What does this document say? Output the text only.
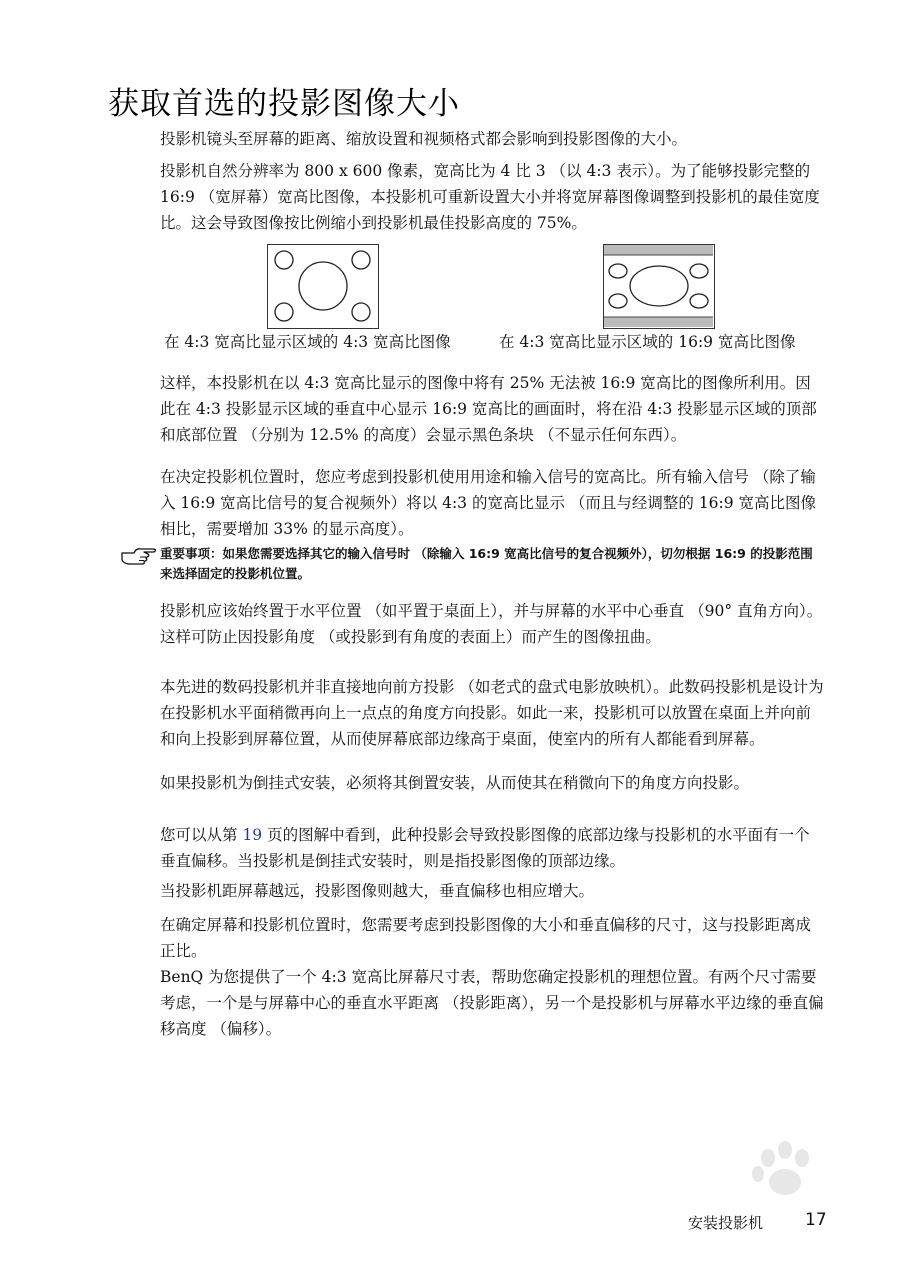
获取首选的投影图像大小

投影机镜头至屏幕的距离、缩放设置和视频格式都会影响到投影图像的大小。

投影机自然分辨率为 800 x 600 像素，宽高比为 4 比 3 （以 4:3 表示）。为了能够投影完整的 16:9 （宽屏幕）宽高比图像，本投影机可重新设置大小并将宽屏幕图像调整到投影机的最佳宽度比。这会导致图像按比例缩小到投影机最佳投影高度的 75%。

在 4:3 宽高比显示区域的 4:3 宽高比图像	在 4:3 宽高比显示区域的 16:9 宽高比图像

这样，本投影机在以 4:3 宽高比显示的图像中将有 25% 无法被 16:9 宽高比的图像所利用。因此在 4:3 投影显示区域的垂直中心显示 16:9 宽高比的画面时，将在沿 4:3 投影显示区域的顶部和底部位置 （分别为 12.5% 的高度）会显示黑色条块 （不显示任何东西）。

在决定投影机位置时，您应考虑到投影机使用用途和输入信号的宽高比。所有输入信号 （除了输入 16:9 宽高比信号的复合视频外）将以 4:3 的宽高比显示 （而且与经调整的 16:9 宽高比图像相比，需要增加 33% 的显示高度）。

重要事项：如果您需要选择其它的输入信号时 （除输入 16:9 宽高比信号的复合视频外），切勿根据 16:9 的投影范围来选择固定的投影机位置。

投影机应该始终置于水平位置 （如平置于桌面上），并与屏幕的水平中心垂直 （90° 直角方向）。这样可防止因投影角度 （或投影到有角度的表面上）而产生的图像扭曲。

本先进的数码投影机并非直接地向前方投影 （如老式的盘式电影放映机）。此数码投影机是设计为在投影机水平面稍微再向上一点点的角度方向投影。如此一来，投影机可以放置在桌面上并向前和向上投影到屏幕位置，从而使屏幕底部边缘高于桌面，使室内的所有人都能看到屏幕。

如果投影机为倒挂式安装，必须将其倒置安装，从而使其在稍微向下的角度方向投影。

您可以从第 19 页的图解中看到，此种投影会导致投影图像的底部边缘与投影机的水平面有一个垂直偏移。当投影机是倒挂式安装时，则是指投影图像的顶部边缘。

当投影机距屏幕越远，投影图像则越大，垂直偏移也相应增大。

在确定屏幕和投影机位置时，您需要考虑到投影图像的大小和垂直偏移的尺寸，这与投影距离成正比。

BenQ 为您提供了一个 4:3 宽高比屏幕尺寸表，帮助您确定投影机的理想位置。有两个尺寸需要考虑，一个是与屏幕中心的垂直水平距离 （投影距离），另一个是投影机与屏幕水平边缘的垂直偏移高度 （偏移）。

安装投影机 17
